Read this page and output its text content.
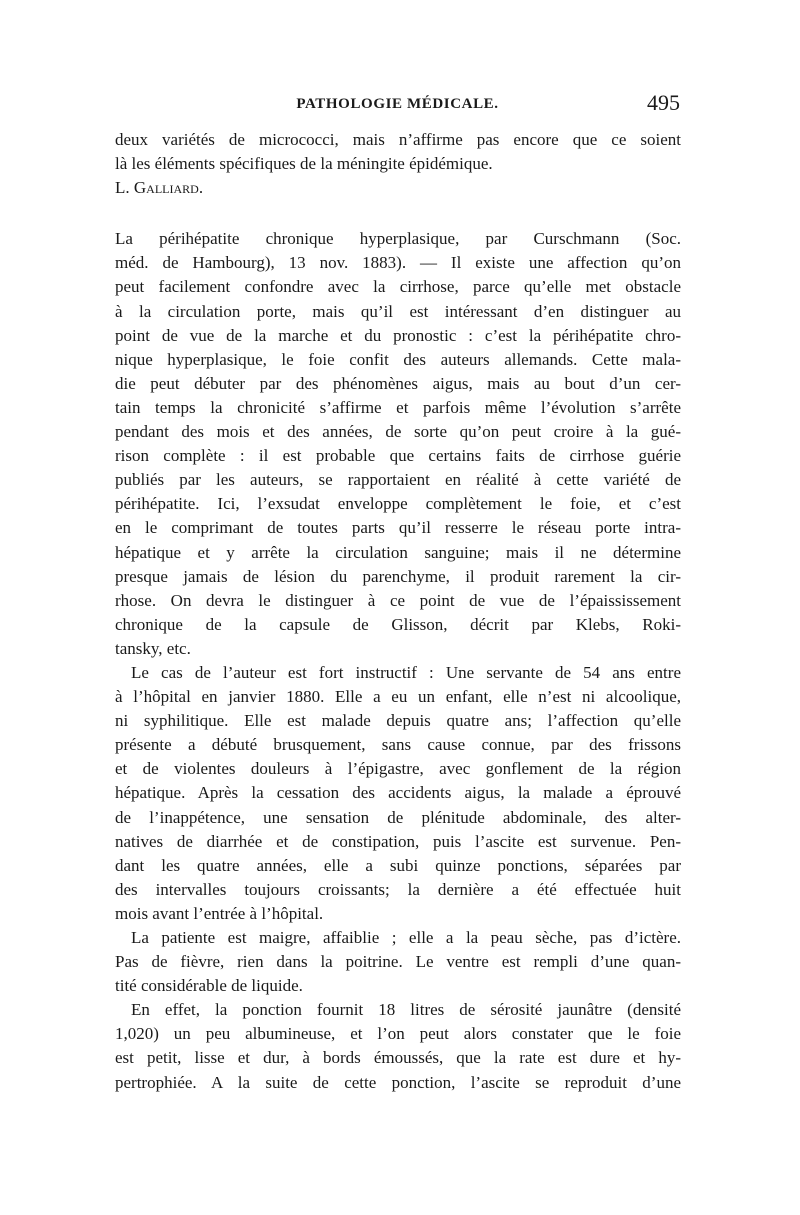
PATHOLOGIE MÉDICALE.	495
deux variétés de micrococci, mais n’affirme pas encore que ce soient
là les éléments spécifiques de la méningite épidémique.
L. Galliard.
La périhépatite chronique hyperplasique, par Curschmann (Soc.
méd. de Hambourg), 13 nov. 1883). — Il existe une affection qu’on
peut facilement confondre avec la cirrhose, parce qu’elle met obstacle
à la circulation porte, mais qu’il est intéressant d’en distinguer au
point de vue de la marche et du pronostic : c’est la périhépatite chro-
nique hyperplasique, le foie confit des auteurs allemands. Cette mala-
die peut débuter par des phénomènes aigus, mais au bout d’un cer-
tain temps la chronicité s’affirme et parfois même l’évolution s’arrête
pendant des mois et des années, de sorte qu’on peut croire à la gué-
rison complète : il est probable que certains faits de cirrhose guérie
publiés par les auteurs, se rapportaient en réalité à cette variété de
périhépatite. Ici, l’exsudat enveloppe complètement le foie, et c’est
en le comprimant de toutes parts qu’il resserre le réseau porte intra-
hépatique et y arrête la circulation sanguine; mais il ne détermine
presque jamais de lésion du parenchyme, il produit rarement la cir-
rhose. On devra le distinguer à ce point de vue de l’épaississement
chronique de la capsule de Glisson, décrit par Klebs, Roki-
tansky, etc.
Le cas de l’auteur est fort instructif : Une servante de 54 ans entre
à l’hôpital en janvier 1880. Elle a eu un enfant, elle n’est ni alcoolique,
ni syphilitique. Elle est malade depuis quatre ans; l’affection qu’elle
présente a débuté brusquement, sans cause connue, par des frissons
et de violentes douleurs à l’épigastre, avec gonflement de la région
hépatique. Après la cessation des accidents aigus, la malade a éprouvé
de l’inappétence, une sensation de plénitude abdominale, des alter-
natives de diarrhée et de constipation, puis l’ascite est survenue. Pen-
dant les quatre années, elle a subi quinze ponctions, séparées par
des intervalles toujours croissants; la dernière a été effectuée huit
mois avant l’entrée à l’hôpital.
La patiente est maigre, affaiblie ; elle a la peau sèche, pas d’ictère.
Pas de fièvre, rien dans la poitrine. Le ventre est rempli d’une quan-
tité considérable de liquide.
En effet, la ponction fournit 18 litres de sérosité jaunâtre (densité
1,020) un peu albumineuse, et l’on peut alors constater que le foie
est petit, lisse et dur, à bords émoussés, que la rate est dure et hy-
pertrophiée. A la suite de cette ponction, l’ascite se reproduit d’une
